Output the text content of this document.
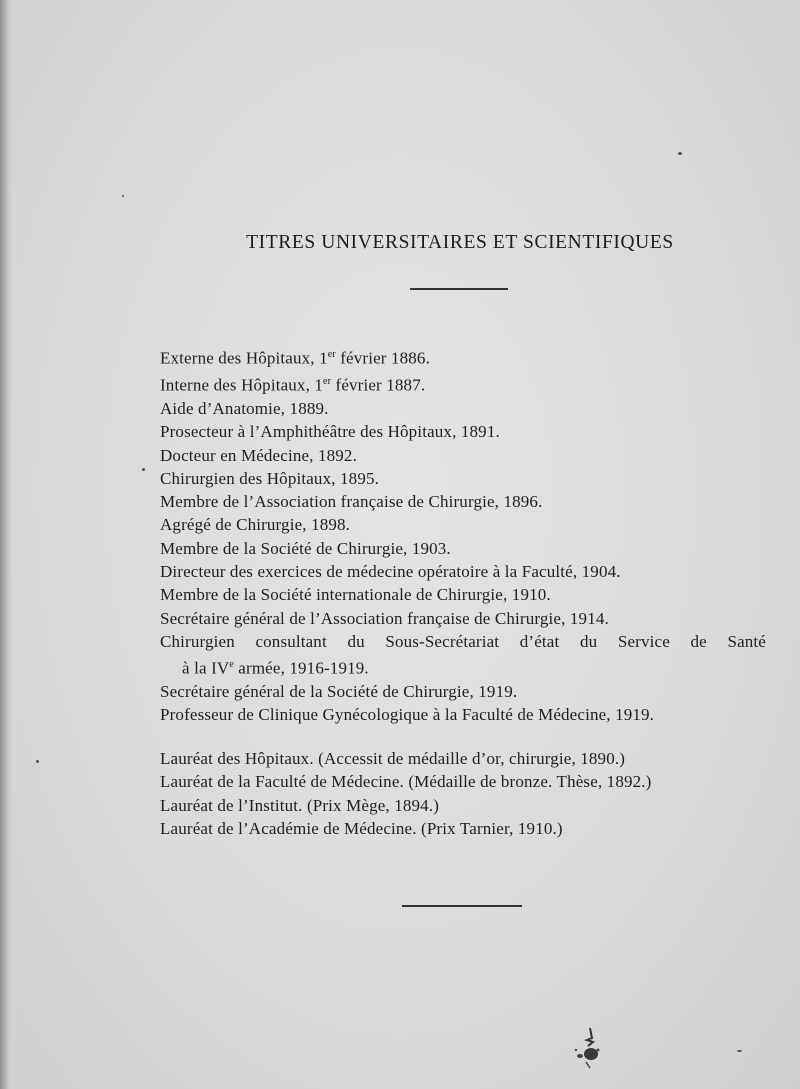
TITRES UNIVERSITAIRES ET SCIENTIFIQUES
Externe des Hôpitaux, 1er février 1886.
Interne des Hôpitaux, 1er février 1887.
Aide d’Anatomie, 1889.
Prosecteur à l’Amphithéâtre des Hôpitaux, 1891.
Docteur en Médecine, 1892.
Chirurgien des Hôpitaux, 1895.
Membre de l’Association française de Chirurgie, 1896.
Agrégé de Chirurgie, 1898.
Membre de la Société de Chirurgie, 1903.
Directeur des exercices de médecine opératoire à la Faculté, 1904.
Membre de la Société internationale de Chirurgie, 1910.
Secrétaire général de l’Association française de Chirurgie, 1914.
Chirurgien consultant du Sous-Secrétariat d’état du Service de Santé

à la IVe armée, 1916-1919.
Secrétaire général de la Société de Chirurgie, 1919.
Professeur de Clinique Gynécologique à la Faculté de Médecine, 1919.
Lauréat des Hôpitaux. (Accessit de médaille d’or, chirurgie, 1890.)
Lauréat de la Faculté de Médecine. (Médaille de bronze. Thèse, 1892.)
Lauréat de l’Institut. (Prix Mège, 1894.)
Lauréat de l’Académie de Médecine. (Prix Tarnier, 1910.)
